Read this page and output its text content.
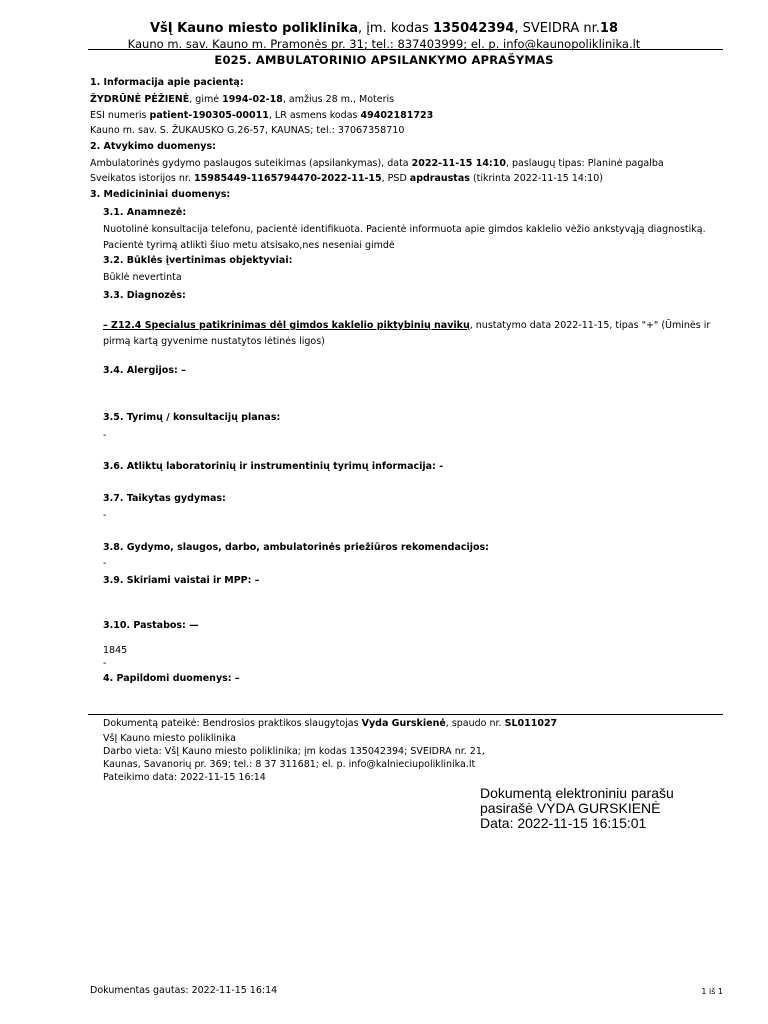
VšĮ Kauno miesto poliklinika, įm. kodas 135042394, SVEIDRA nr.18
Kauno m. sav. Kauno m. Pramonės pr. 31; tel.: 837403999; el. p. info@kaunopoliklinika.lt
E025. AMBULATORINIO APSILANKYMO APRAŠYMAS
1. Informacija apie pacientą:
ŽYDRŪNĖ PĖŽIENĖ, gimė 1994-02-18, amžius 28 m., Moteris
ESI numeris patient-190305-00011, LR asmens kodas 49402181723
Kauno m. sav. S. ŽUKAUSKO G.26-57, KAUNAS; tel.: 37067358710
2. Atvykimo duomenys:
Ambulatorinės gydymo paslaugos suteikimas (apsilankymas), data 2022-11-15 14:10, paslaugų tipas: Planinė pagalba
Sveikatos istorijos nr. 15985449-1165794470-2022-11-15, PSD apdraustas (tikrinta 2022-11-15 14:10)
3. Medicininiai duomenys:
3.1. Anamnezė:
Nuotolinė konsultacija telefonu, pacientė identifikuota. Pacientė informuota apie gimdos kaklelio vėžio ankstyvąją diagnostiką. Pacientė tyrimą atlikti šiuo metu atsisako,nes neseniai gimdė
3.2. Būklės įvertinimas objektyviai:
Būklė nevertinta
3.3. Diagnozės:
– Z12.4 Specialus patikrinimas dėl gimdos kaklelio piktybinių navikų, nustatymo data 2022-11-15, tipas "+" (Ūminės ir pirmą kartą gyvenime nustatytos lėtinės ligos)
3.4. Alergijos: –
3.5. Tyrimų / konsultacijų planas:
-
3.6. Atliktų laboratorinių ir instrumentinių tyrimų informacija: -
3.7. Taikytas gydymas:
-
3.8. Gydymo, slaugos, darbo, ambulatorinės priežiūros rekomendacijos:
-
3.9. Skiriami vaistai ir MPP: –
3.10. Pastabos: —
1845
-
4. Papildomi duomenys: –
Dokumentą pateikė: Bendrosios praktikos slaugytojas Vyda Gurskienė, spaudo nr. SL011027
VšĮ Kauno miesto poliklinika
Darbo vieta: VšĮ Kauno miesto poliklinika; įm kodas 135042394; SVEIDRA nr. 21,
Kaunas, Savanorių pr. 369; tel.: 8 37 311681; el. p. info@kalnieciupoliklinika.lt
Pateikimo data: 2022-11-15 16:14
Dokumentą elektroniniu parašu
pasirašė VYDA GURSKIENĖ
Data: 2022-11-15 16:15:01
Dokumentas gautas: 2022-11-15 16:14	1 iš 1
